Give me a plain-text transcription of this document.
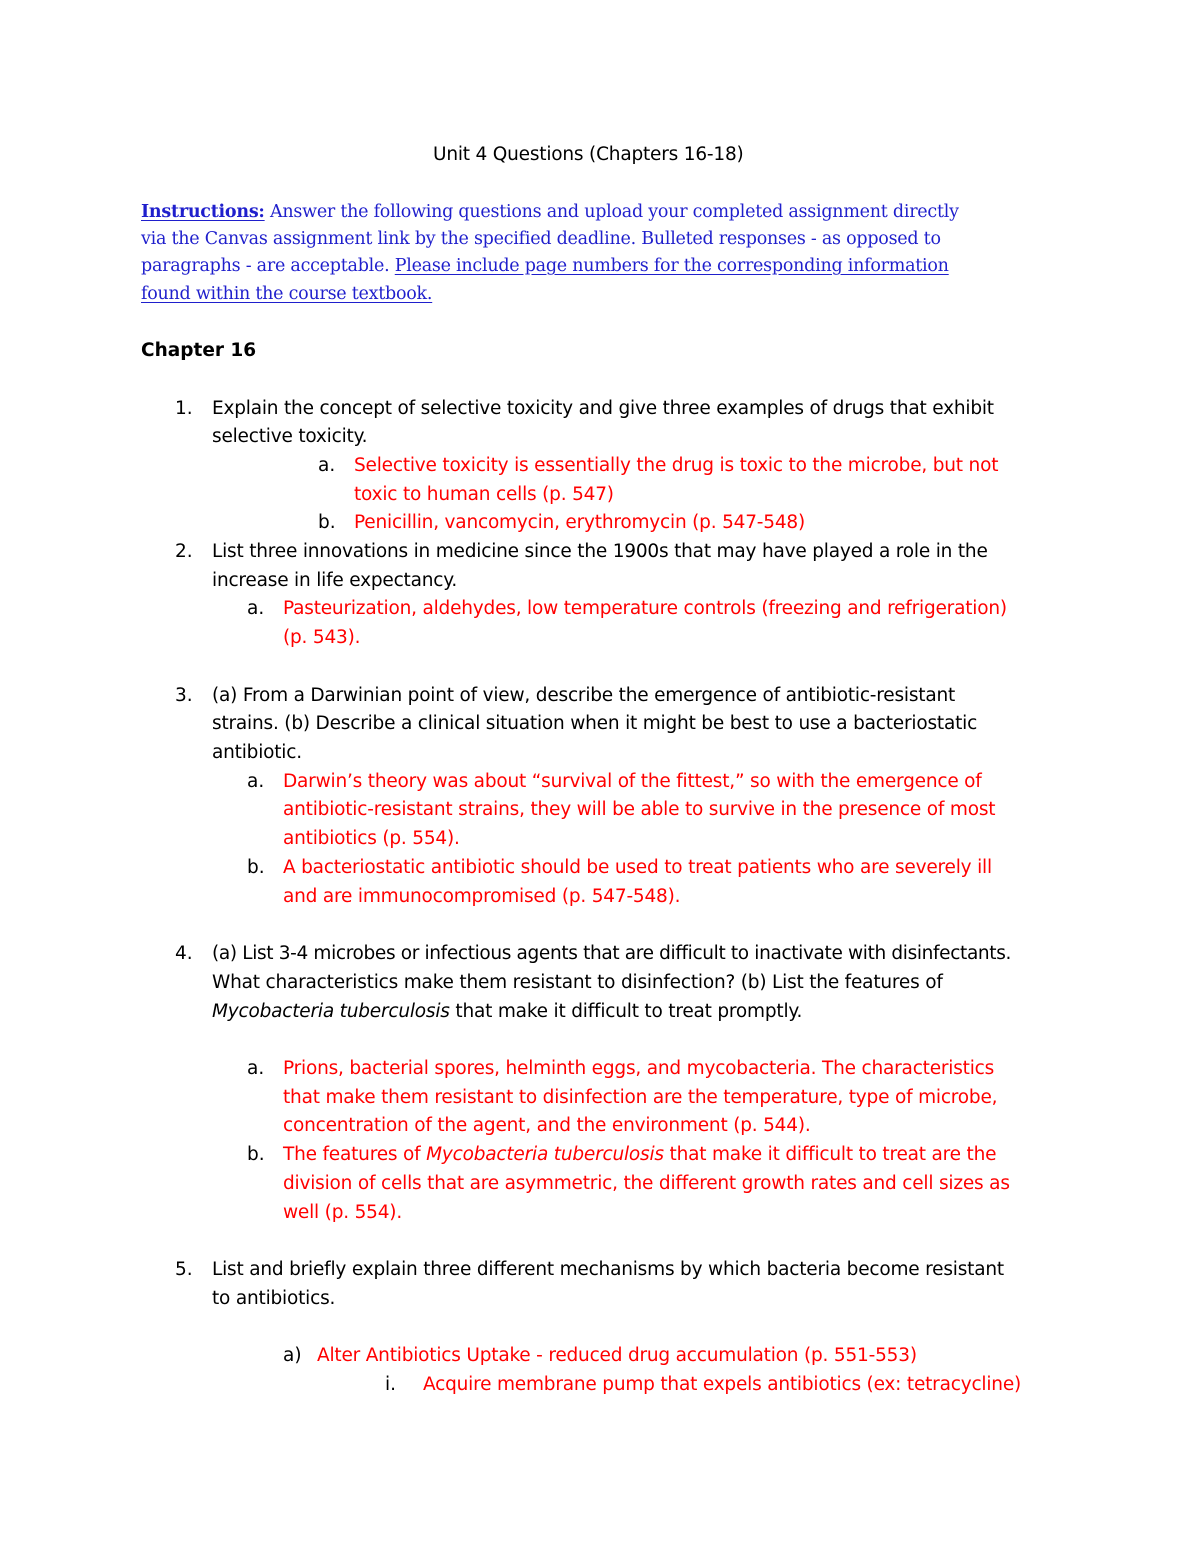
Unit 4 Questions (Chapters 16-18)
Instructions: Answer the following questions and upload your completed assignment directly
via the Canvas assignment link by the specified deadline. Bulleted responses - as opposed to
paragraphs - are acceptable. Please include page numbers for the corresponding information
found within the course textbook.
Chapter 16
1. Explain the concept of selective toxicity and give three examples of drugs that exhibit
selective toxicity.
a. Selective toxicity is essentially the drug is toxic to the microbe, but not
toxic to human cells (p. 547)
b. Penicillin, vancomycin, erythromycin (p. 547-548)
2. List three innovations in medicine since the 1900s that may have played a role in the
increase in life expectancy.
a. Pasteurization, aldehydes, low temperature controls (freezing and refrigeration)
(p. 543).
3. (a) From a Darwinian point of view, describe the emergence of antibiotic-resistant
strains. (b) Describe a clinical situation when it might be best to use a bacteriostatic
antibiotic.
a. Darwin’s theory was about “survival of the fittest,” so with the emergence of
antibiotic-resistant strains, they will be able to survive in the presence of most
antibiotics (p. 554).
b. A bacteriostatic antibiotic should be used to treat patients who are severely ill
and are immunocompromised (p. 547-548).
4. (a) List 3-4 microbes or infectious agents that are difficult to inactivate with disinfectants.
What characteristics make them resistant to disinfection? (b) List the features of
Mycobacteria tuberculosis that make it difficult to treat promptly.
a. Prions, bacterial spores, helminth eggs, and mycobacteria. The characteristics
that make them resistant to disinfection are the temperature, type of microbe,
concentration of the agent, and the environment (p. 544).
b. The features of Mycobacteria tuberculosis that make it difficult to treat are the
division of cells that are asymmetric, the different growth rates and cell sizes as
well (p. 554).
5. List and briefly explain three different mechanisms by which bacteria become resistant
to antibiotics.
a) Alter Antibiotics Uptake - reduced drug accumulation (p. 551-553)
i. Acquire membrane pump that expels antibiotics (ex: tetracycline)
